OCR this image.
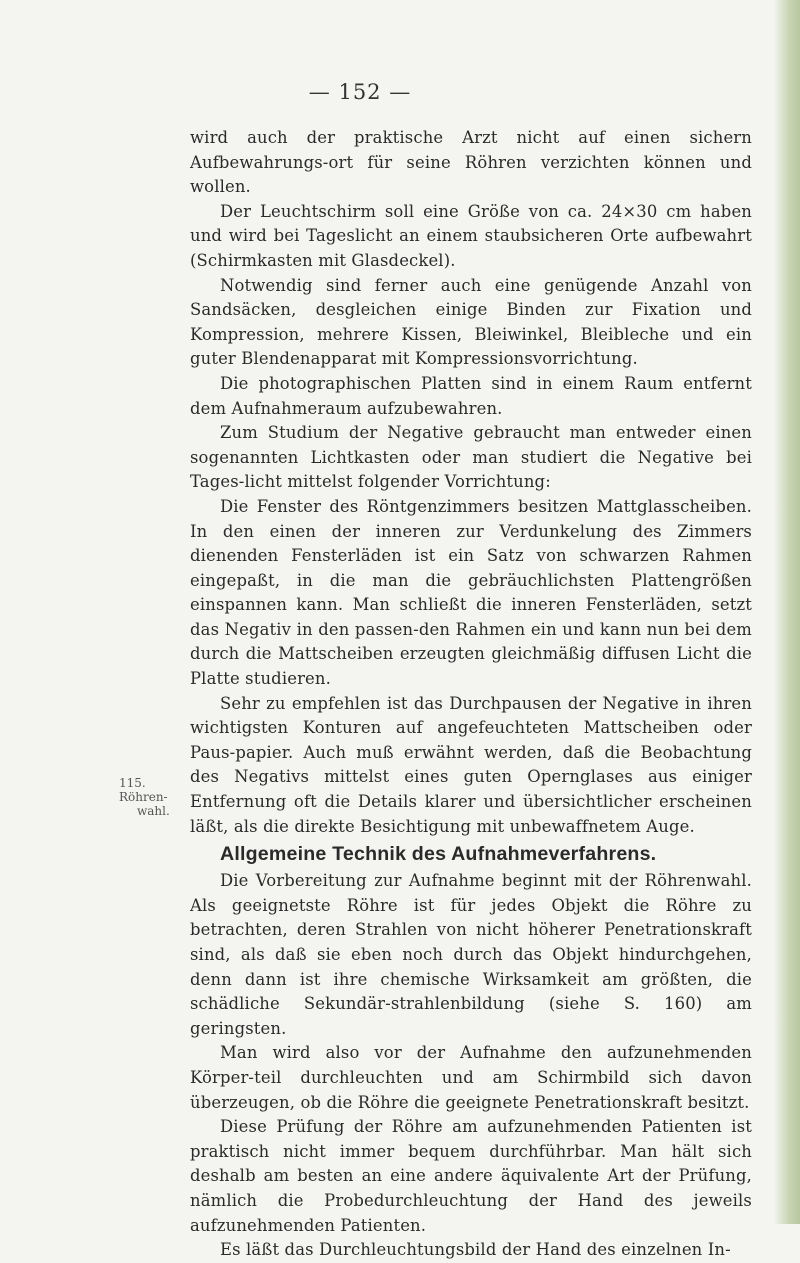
— 152 —
115. Röhren-
wahl.

wird auch der praktische Arzt nicht auf einen sichern Aufbewahrungs-ort für seine Röhren verzichten können und wollen.

Der Leuchtschirm soll eine Größe von ca. 24×30 cm haben und wird bei Tageslicht an einem staubsicheren Orte aufbewahrt (Schirmkasten mit Glasdeckel).

Notwendig sind ferner auch eine genügende Anzahl von Sandsäcken, desgleichen einige Binden zur Fixation und Kompression, mehrere Kissen, Bleiwinkel, Bleibleche und ein guter Blendenapparat mit Kompressionsvorrichtung.

Die photographischen Platten sind in einem Raum entfernt dem Aufnahmeraum aufzubewahren.

Zum Studium der Negative gebraucht man entweder einen sogenannten Lichtkasten oder man studiert die Negative bei Tages-licht mittelst folgender Vorrichtung:

Die Fenster des Röntgenzimmers besitzen Mattglasscheiben. In den einen der inneren zur Verdunkelung des Zimmers dienenden Fensterläden ist ein Satz von schwarzen Rahmen eingepaßt, in die man die gebräuchlichsten Plattengrößen einspannen kann. Man schließt die inneren Fensterläden, setzt das Negativ in den passen-den Rahmen ein und kann nun bei dem durch die Mattscheiben erzeugten gleichmäßig diffusen Licht die Platte studieren.

Sehr zu empfehlen ist das Durchpausen der Negative in ihren wichtigsten Konturen auf angefeuchteten Mattscheiben oder Paus-papier. Auch muß erwähnt werden, daß die Beobachtung des Negativs mittelst eines guten Opernglases aus einiger Entfernung oft die Details klarer und übersichtlicher erscheinen läßt, als die direkte Besichtigung mit unbewaffnetem Auge.

Allgemeine Technik des Aufnahmeverfahrens.

Die Vorbereitung zur Aufnahme beginnt mit der Röhrenwahl. Als geeignetste Röhre ist für jedes Objekt die Röhre zu betrachten, deren Strahlen von nicht höherer Penetrationskraft sind, als daß sie eben noch durch das Objekt hindurchgehen, denn dann ist ihre chemische Wirksamkeit am größten, die schädliche Sekundär-strahlenbildung (siehe S. 160) am geringsten.

Man wird also vor der Aufnahme den aufzunehmenden Körper-teil durchleuchten und am Schirmbild sich davon überzeugen, ob die Röhre die geeignete Penetrationskraft besitzt.

Diese Prüfung der Röhre am aufzunehmenden Patienten ist praktisch nicht immer bequem durchführbar. Man hält sich deshalb am besten an eine andere äquivalente Art der Prüfung, nämlich die Probedurchleuchtung der Hand des jeweils aufzunehmenden Patienten.

Es läßt das Durchleuchtungsbild der Hand des einzelnen In-
